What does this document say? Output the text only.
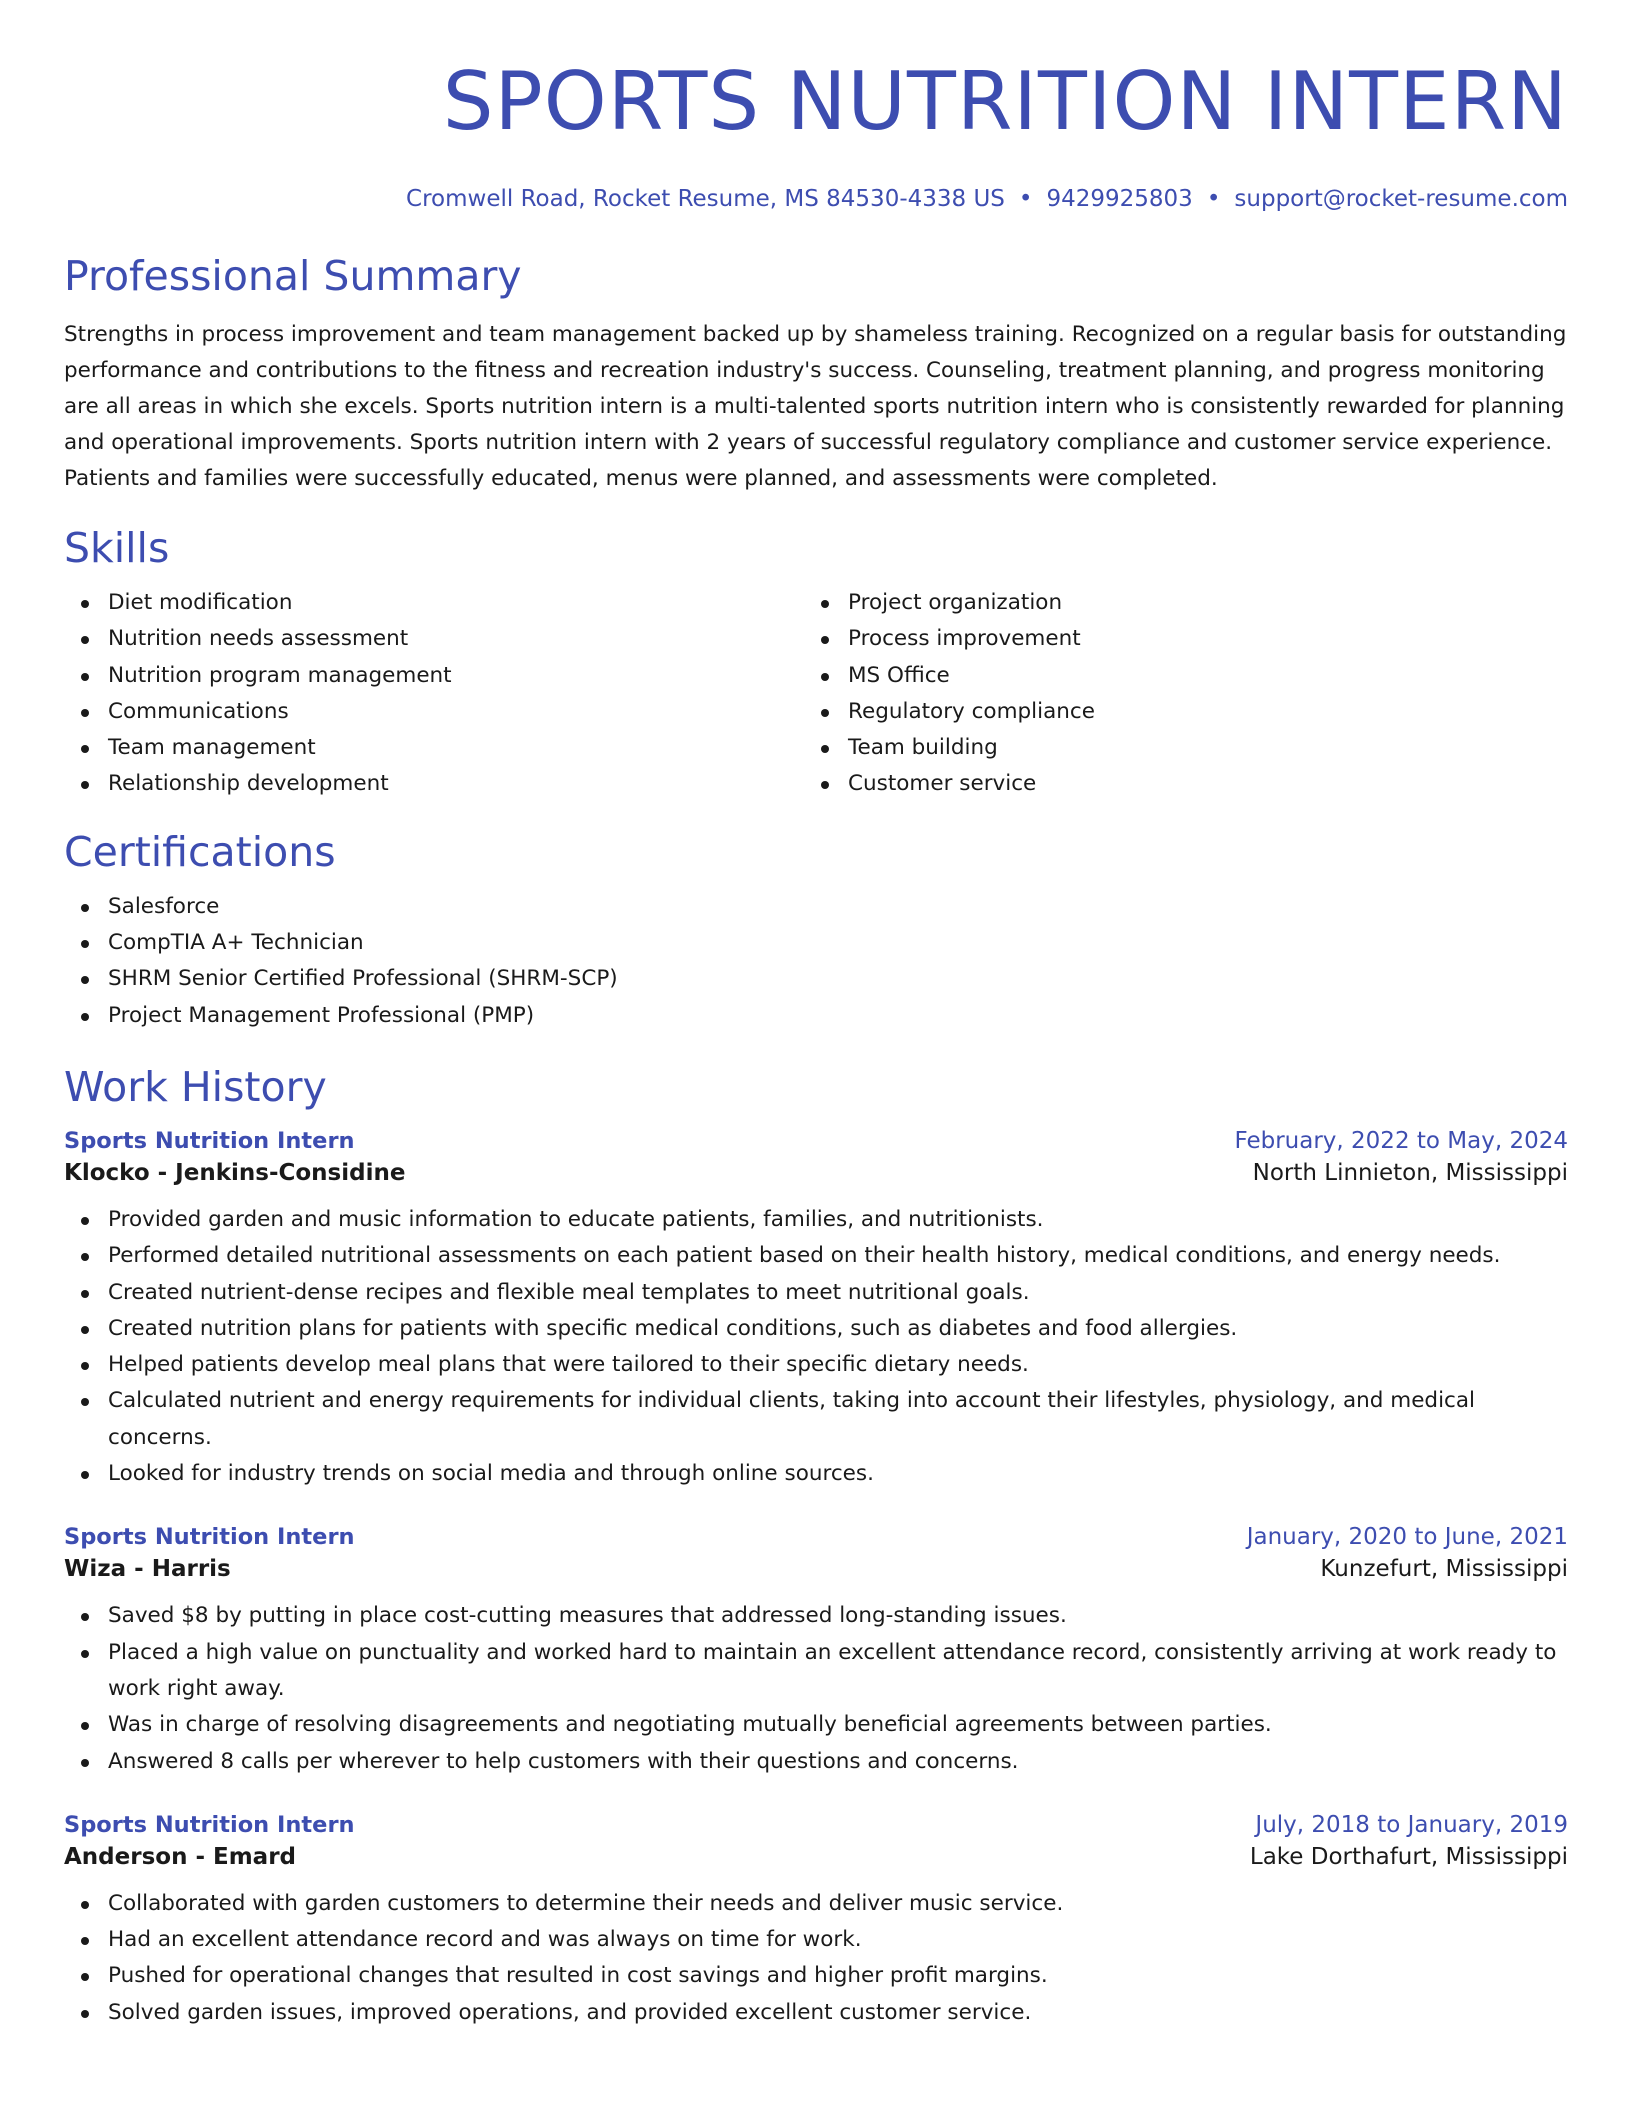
SPORTS NUTRITION INTERN
Cromwell Road, Rocket Resume, MS 84530-4338 US • 9429925803 • support@rocket-resume.com
Professional Summary

Strengths in process improvement and team management backed up by shameless training. Recognized on a regular basis for outstanding performance and contributions to the fitness and recreation industry's success. Counseling, treatment planning, and progress monitoring are all areas in which she excels. Sports nutrition intern is a multi-talented sports nutrition intern who is consistently rewarded for planning and operational improvements. Sports nutrition intern with 2 years of successful regulatory compliance and customer service experience. Patients and families were successfully educated, menus were planned, and assessments were completed.

Skills
Diet modification
Nutrition needs assessment
Nutrition program management
Communications
Team management
Relationship development
Project organization
Process improvement
MS Office
Regulatory compliance
Team building
Customer service
Certifications
Salesforce
CompTIA A+ Technician
SHRM Senior Certified Professional (SHRM-SCP)
Project Management Professional (PMP)
Work History
Sports Nutrition Intern	February, 2022 to May, 2024
Klocko - Jenkins-Considine	North Linnieton, Mississippi
Provided garden and music information to educate patients, families, and nutritionists.
Performed detailed nutritional assessments on each patient based on their health history, medical conditions, and energy needs.
Created nutrient-dense recipes and flexible meal templates to meet nutritional goals.
Created nutrition plans for patients with specific medical conditions, such as diabetes and food allergies.
Helped patients develop meal plans that were tailored to their specific dietary needs.
Calculated nutrient and energy requirements for individual clients, taking into account their lifestyles, physiology, and medical concerns.
Looked for industry trends on social media and through online sources.
Sports Nutrition Intern	January, 2020 to June, 2021
Wiza - Harris	Kunzefurt, Mississippi
Saved $8 by putting in place cost-cutting measures that addressed long-standing issues.
Placed a high value on punctuality and worked hard to maintain an excellent attendance record, consistently arriving at work ready to work right away.
Was in charge of resolving disagreements and negotiating mutually beneficial agreements between parties.
Answered 8 calls per wherever to help customers with their questions and concerns.
Sports Nutrition Intern	July, 2018 to January, 2019
Anderson - Emard	Lake Dorthafurt, Mississippi
Collaborated with garden customers to determine their needs and deliver music service.
Had an excellent attendance record and was always on time for work.
Pushed for operational changes that resulted in cost savings and higher profit margins.
Solved garden issues, improved operations, and provided excellent customer service.
